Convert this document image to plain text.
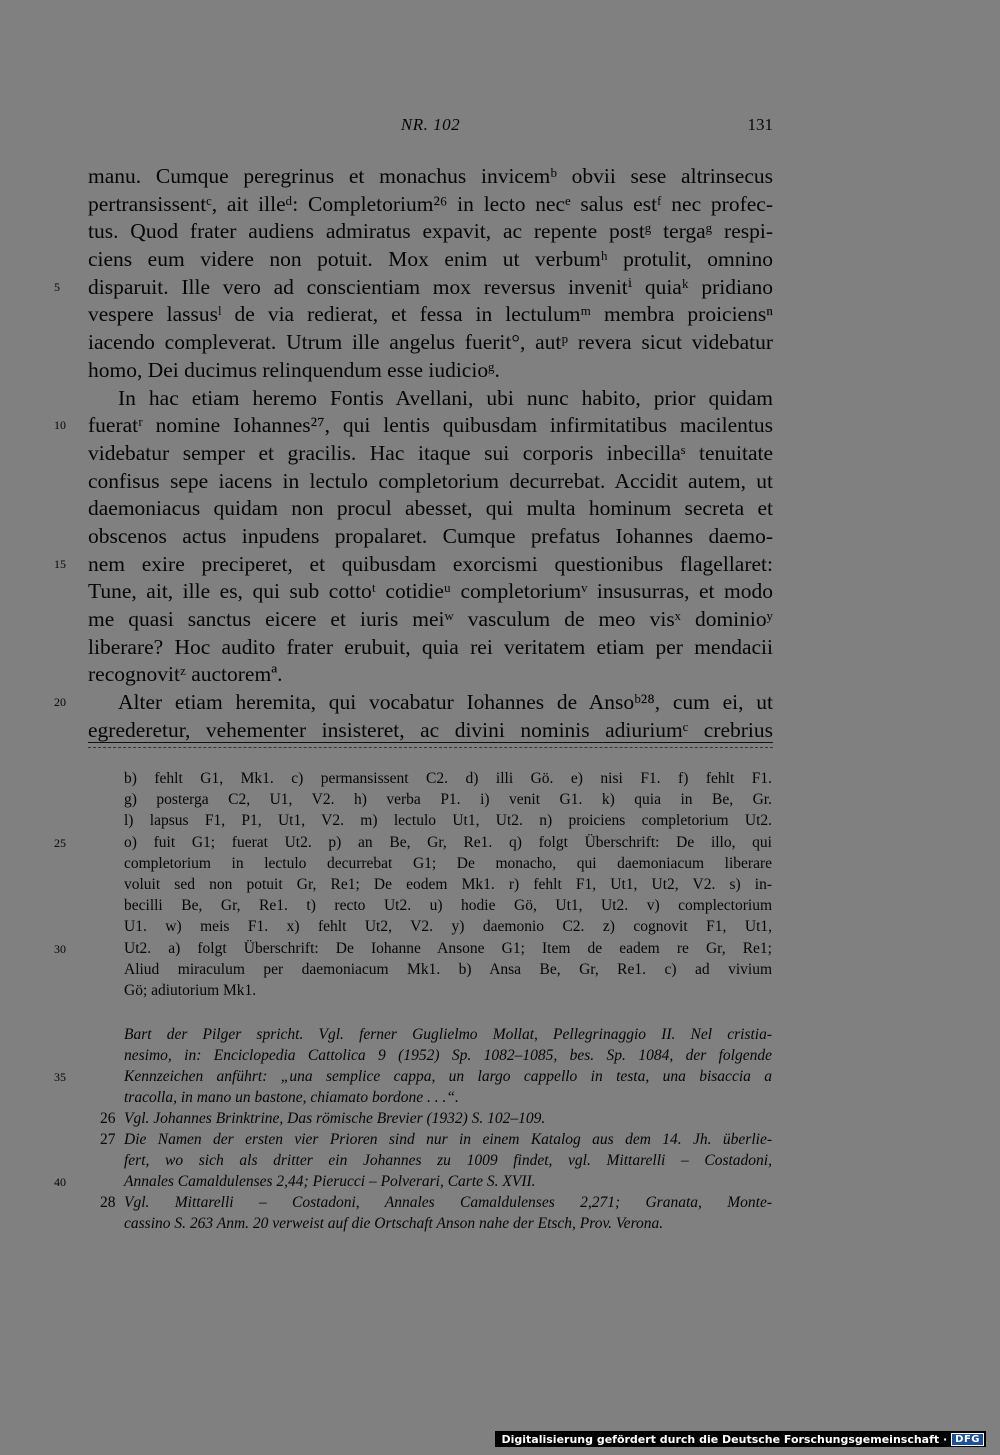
NR. 102	131
manu. Cumque peregrinus et monachus invicemᵇ obvii sese altrinsecus
pertransissentᶜ, ait illeᵈ: Completorium²⁶ in lecto necᵉ salus estᶠ nec profec-
tus. Quod frater audiens admiratus expavit, ac repente postᵍ tergaᵍ respi-
ciens eum videre non potuit. Mox enim ut verbumʰ protulit, omnino
disparuit. Ille vero ad conscientiam mox reversus invenitⁱ quiaᵏ pridiano
5
vespere lassusˡ de via redierat, et fessa in lectulumᵐ membra proiciensⁿ
iacendo compleverat. Utrum ille angelus fuerit°, autᵖ revera sicut videbatur
homo, Dei ducimus relinquendum esse iudicioᵍ.
In hac etiam heremo Fontis Avellani, ubi nunc habito, prior quidam
fueratʳ nomine Iohannes²⁷, qui lentis quibusdam infirmitatibus macilentus
10
videbatur semper et gracilis. Hac itaque sui corporis inbecillaˢ tenuitate
confisus sepe iacens in lectulo completorium decurrebat. Accidit autem, ut
daemoniacus quidam non procul abesset, qui multa hominum secreta et
obscenos actus inpudens propalaret. Cumque prefatus Iohannes daemo-
nem exire preciperet, et quibusdam exorcismi questionibus flagellaret:
15
Tune, ait, ille es, qui sub cottoᵗ cotidieᵘ completoriumᵛ insusurras, et modo
me quasi sanctus eicere et iuris meiʷ vasculum de meo visˣ dominioʸ
liberare? Hoc audito frater erubuit, quia rei veritatem etiam per mendacii
recognovitᶻ auctoremª.
Alter etiam heremita, qui vocabatur Iohannes de Ansoᵇ²⁸, cum ei, ut
20
egrederetur, vehementer insisteret, ac divini nominis adiuriumᶜ crebrius
b) fehlt G1, Mk1. c) permansissent C2. d) illi Gö. e) nisi F1. f) fehlt F1.
g) posterga C2, U1, V2. h) verba P1. i) venit G1. k) quia in Be, Gr.
l) lapsus F1, P1, Ut1, V2. m) lectulo Ut1, Ut2. n) proiciens completorium Ut2.
o) fuit G1; fuerat Ut2. p) an Be, Gr, Re1. q) folgt Überschrift: De illo, qui
25
completorium in lectulo decurrebat G1; De monacho, qui daemoniacum liberare
voluit sed non potuit Gr, Re1; De eodem Mk1. r) fehlt F1, Ut1, Ut2, V2. s) in-
becilli Be, Gr, Re1. t) recto Ut2. u) hodie Gö, Ut1, Ut2. v) complectorium
U1. w) meis F1. x) fehlt Ut2, V2. y) daemonio C2. z) cognovit F1, Ut1,
Ut2. a) folgt Überschrift: De Iohanne Ansone G1; Item de eadem re Gr, Re1;
30
Aliud miraculum per daemoniacum Mk1. b) Ansa Be, Gr, Re1. c) ad vivium
Gö; adiutorium Mk1.
Bart der Pilger spricht. Vgl. ferner Guglielmo Mollat, Pellegrinaggio II. Nel cristia-
nesimo, in: Enciclopedia Cattolica 9 (1952) Sp. 1082–1085, bes. Sp. 1084, der folgende
Kennzeichen anführt: „una semplice cappa, un largo cappello in testa, una bisaccia a
35
tracolla, in mano un bastone, chiamato bordone . . .“.
26 Vgl. Johannes Brinktrine, Das römische Brevier (1932) S. 102–109.
27 Die Namen der ersten vier Prioren sind nur in einem Katalog aus dem 14. Jh. überlie-
fert, wo sich als dritter ein Johannes zu 1009 findet, vgl. Mittarelli – Costadoni,
Annales Camaldulenses 2,44; Pierucci – Polverari, Carte S. XVII.
40
28 Vgl. Mittarelli – Costadoni, Annales Camaldulenses 2,271; Granata, Monte-
cassino S. 263 Anm. 20 verweist auf die Ortschaft Anson nahe der Etsch, Prov. Verona.
Digitalisierung gefördert durch die Deutsche Forschungsgemeinschaft · DFG
